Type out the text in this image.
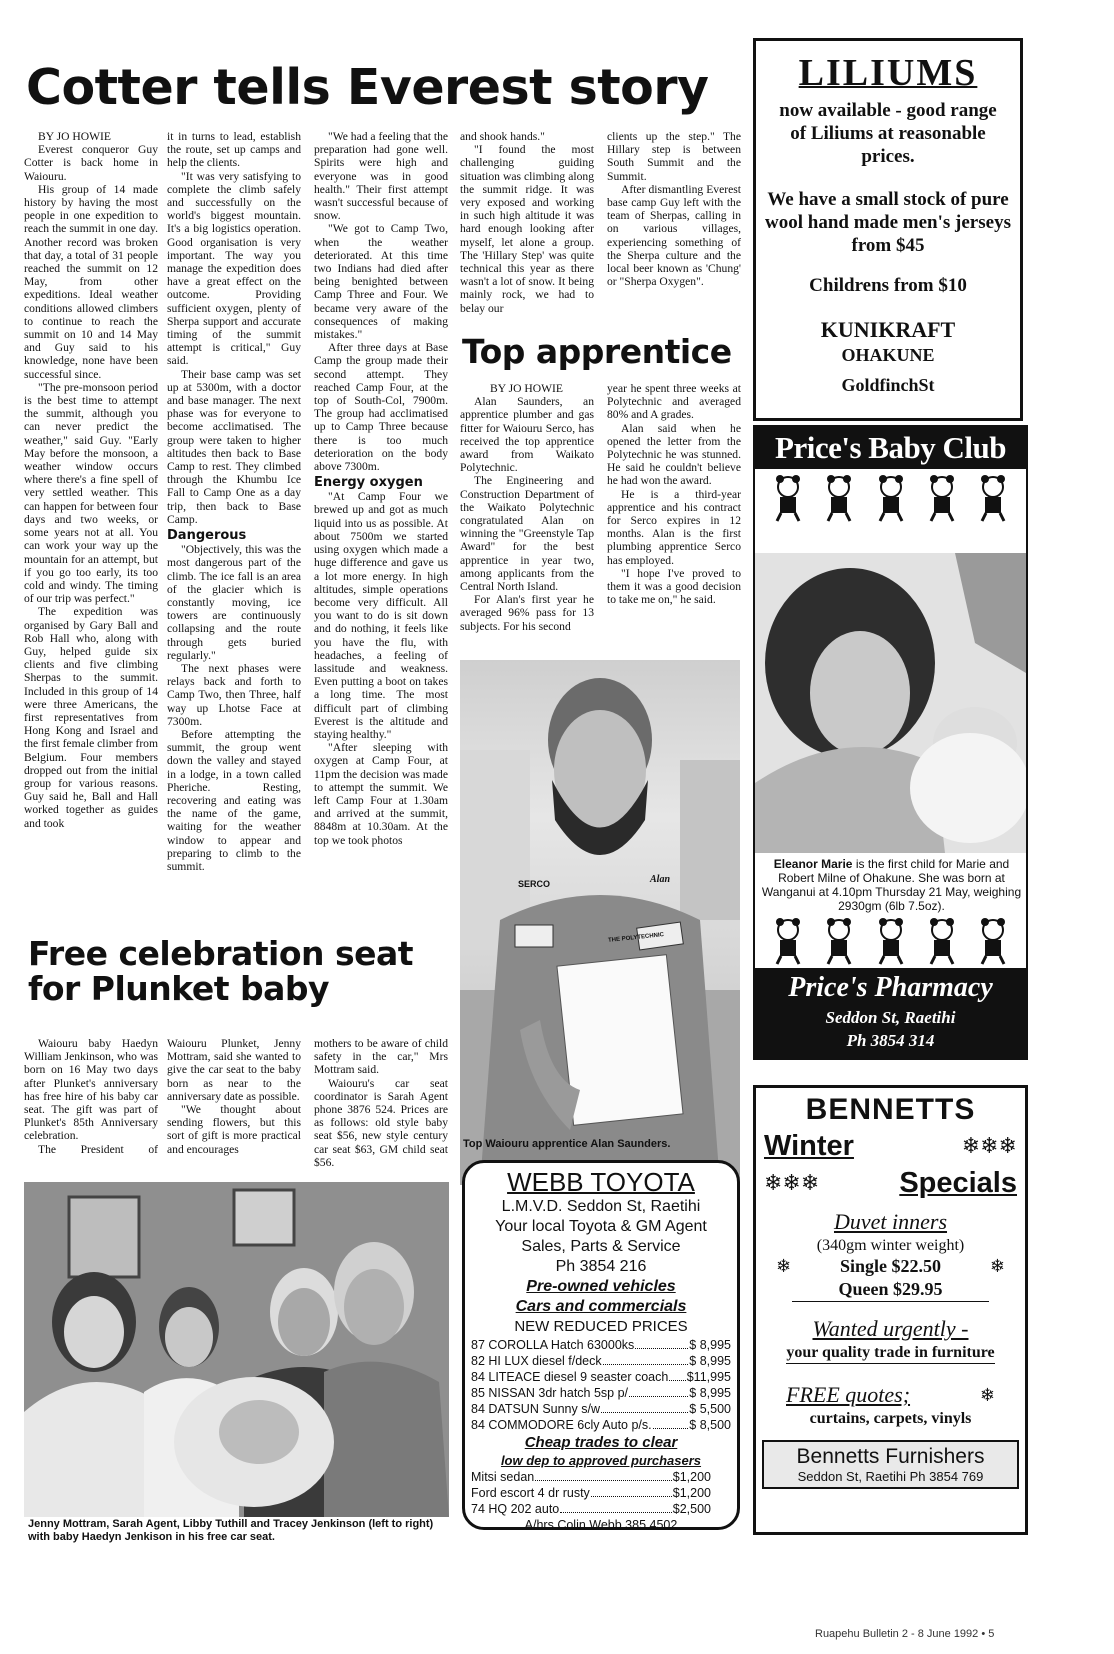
Cotter tells Everest story

BY JO HOWIE

Everest conqueror Guy Cotter is back home in Waiouru.

His group of 14 made history by having the most people in one expedition to reach the summit in one day. Another record was broken that day, a total of 31 people reached the summit on 12 May, from other expeditions. Ideal weather conditions allowed climbers to continue to reach the summit on 10 and 14 May and Guy said to his knowledge, none have been successful since.

"The pre-monsoon period is the best time to attempt the summit, although you can never predict the weather," said Guy. "Early May before the monsoon, a weather window occurs where there's a fine spell of very settled weather. This can happen for between four days and two weeks, or some years not at all. You can work your way up the mountain for an attempt, but if you go too early, its too cold and windy. The timing of our trip was perfect."

The expedition was organised by Gary Ball and Rob Hall who, along with Guy, helped guide six clients and five climbing Sherpas to the summit. Included in this group of 14 were three Americans, the first representatives from Hong Kong and Israel and the first female climber from Belgium. Four members dropped out from the initial group for various reasons. Guy said he, Ball and Hall worked together as guides and took

it in turns to lead, establish the route, set up camps and help the clients.

"It was very satisfying to complete the climb safely and successfully on the world's biggest mountain. It's a big logistics operation. Good organisation is very important. The way you manage the expedition does have a great effect on the outcome. Providing sufficient oxygen, plenty of Sherpa support and accurate timing of the summit attempt is critical," Guy said.

Their base camp was set up at 5300m, with a doctor and base manager. The next phase was for everyone to become acclimatised. The group were taken to higher altitudes then back to Base Camp to rest. They climbed through the Khumbu Ice Fall to Camp One as a day trip, then back to Base Camp.

Dangerous

"Objectively, this was the most dangerous part of the climb. The ice fall is an area of the glacier which is constantly moving, ice towers are continuously collapsing and the route through gets buried regularly."

The next phases were relays back and forth to Camp Two, then Three, half way up Lhotse Face at 7300m.

Before attempting the summit, the group went down the valley and stayed in a lodge, in a town called Pheriche. Resting, recovering and eating was the name of the game, waiting for the weather window to appear and preparing to climb to the summit.

"We had a feeling that the preparation had gone well. Spirits were high and everyone was in good health." Their first attempt wasn't successful because of snow.

"We got to Camp Two, when the weather deteriorated. At this time two Indians had died after being benighted between Camp Three and Four. We became very aware of the consequences of making mistakes."

After three days at Base Camp the group made their second attempt. They reached Camp Four, at the top of South-Col, 7900m. The group had acclimatised up to Camp Three because there is too much deterioration on the body above 7300m.

Energy oxygen

"At Camp Four we brewed up and got as much liquid into us as possible. At about 7500m we started using oxygen which made a huge difference and gave us a lot more energy. In high altitudes, simple operations become very difficult. All you want to do is sit down and do nothing, it feels like you have the flu, with headaches, a feeling of lassitude and weakness. Even putting a boot on takes a long time. The most difficult part of climbing Everest is the altitude and staying healthy."

"After sleeping with oxygen at Camp Four, at 11pm the decision was made to attempt the summit. We left Camp Four at 1.30am and arrived at the summit, 8848m at 10.30am. At the top we took photos

and shook hands."

"I found the most challenging guiding situation was climbing along the summit ridge. It was very exposed and working in such high altitude it was hard enough looking after myself, let alone a group. The 'Hillary Step' was quite technical this year as there wasn't a lot of snow. It being mainly rock, we had to belay our

clients up the step." The Hillary step is between South Summit and the Summit.

After dismantling Everest base camp Guy left with the team of Sherpas, calling in on various villages, experiencing something of the Sherpa culture and the local beer known as 'Chung' or "Sherpa Oxygen".

Top apprentice

BY JO HOWIE

Alan Saunders, an apprentice plumber and gas fitter for Waiouru Serco, has received the top apprentice award from Waikato Polytechnic.

The Engineering and Construction Department of the Waikato Polytechnic congratulated Alan on winning the "Greenstyle Tap Award" for the best apprentice in year two, among applicants from the Central North Island.

For Alan's first year he averaged 96% pass for 13 subjects. For his second

year he spent three weeks at Polytechnic and averaged 80% and A grades.

Alan said when he opened the letter from the Polytechnic he was stunned. He said he couldn't believe he had won the award.

He is a third-year apprentice and his contract for Serco expires in 12 months. Alan is the first plumbing apprentice Serco has employed.

"I hope I've proved to them it was a good decision to take me on," he said.

SERCO	Alan
THE POLYTECHNIC
Top Waiouru apprentice Alan Saunders.
Free celebration seat
for Plunket baby

Waiouru baby Haedyn William Jenkinson, who was born on 16 May two days after Plunket's anniversary has free hire of his baby car seat. The gift was part of Plunket's 85th Anniversary celebration.

The President of

Waiouru Plunket, Jenny Mottram, said she wanted to give the car seat to the baby born as near to the anniversary date as possible.

"We thought about sending flowers, but this sort of gift is more practical and encourages

mothers to be aware of child safety in the car," Mrs Mottram said.

Waiouru's car seat coordinator is Sarah Agent phone 3876 524. Prices are as follows: old style baby seat $56, new style century car seat $63, GM child seat $56.

Jenny Mottram, Sarah Agent, Libby Tuthill and Tracey Jenkinson (left to right) with baby Haedyn Jenkison in his free car seat.
LILIUMS
now available - good range of Liliums at reasonable prices.
We have a small stock of pure wool hand made men's jerseys from $45
Childrens from $10
KUNIKRAFT
OHAKUNE
GoldfinchSt
Price's Baby Club
Eleanor Marie is the first child for Marie and Robert Milne of Ohakune. She was born at Wanganui at 4.10pm Thursday 21 May, weighing 2930gm (6lb 7.5oz).
Price's Pharmacy
Seddon St, Raetihi
Ph 3854 314
WEBB TOYOTA
L.M.V.D. Seddon St, Raetihi
Your local Toyota & GM Agent
Sales, Parts & Service
Ph 3854 216
Pre-owned vehicles
Cars and commercials
NEW REDUCED PRICES
87 COROLLA Hatch 63000ks	$ 8,995
82 HI LUX diesel f/deck	$ 8,995
84 LITEACE diesel 9 seaster coach $11,995
85 NISSAN 3dr hatch 5sp p/	$ 8,995
84 DATSUN Sunny s/w	$ 5,500
84 COMMODORE 6cly Auto p/s.	$ 8,500
Cheap trades to clear
low dep to approved purchasers
Mitsi sedan	$1,200
Ford escort 4 dr rusty	$1,200
74 HQ 202 auto	$2,500
A/hrs Colin Webb 385 4502
BENNETTS
Winter	❄❄❄
❄❄❄	Specials
Duvet inners
(340gm winter weight)
❄	Single $22.50	❄
Queen $29.95
Wanted urgently -
your quality trade in furniture
FREE quotes;	❄
curtains, carpets, vinyls
Bennetts Furnishers
Seddon St, Raetihi Ph 3854 769
Ruapehu Bulletin 2 - 8 June 1992 • 5
